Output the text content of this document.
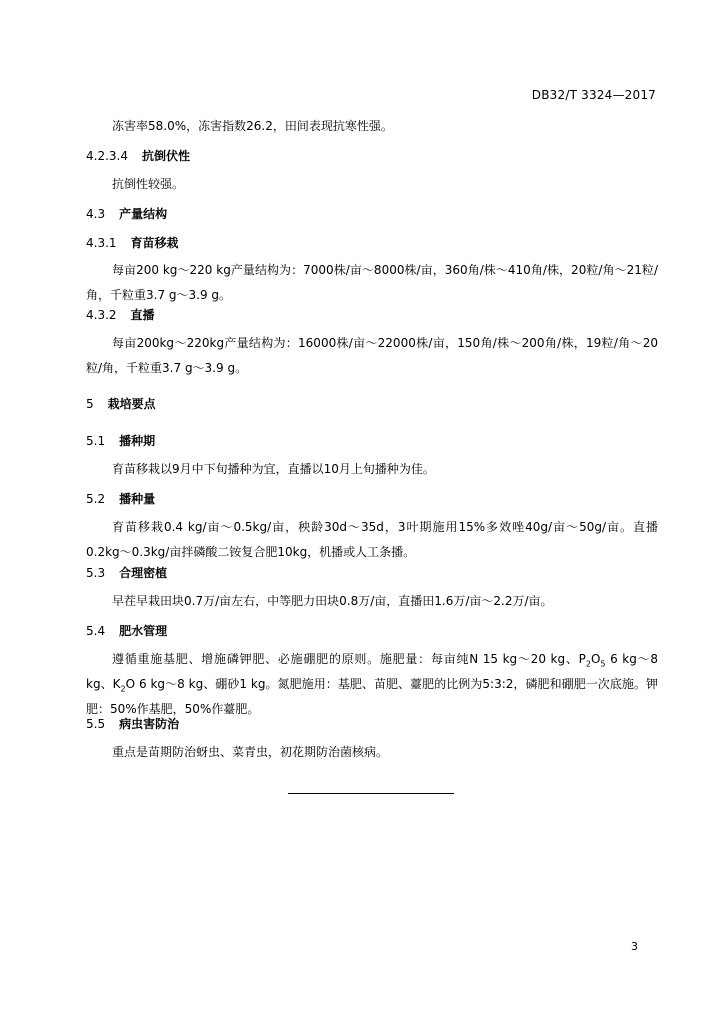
DB32/T 3324—2017
冻害率58.0%，冻害指数26.2，田间表现抗寒性强。
4.2.3.4 抗倒伏性
抗倒性较强。
4.3 产量结构
4.3.1 育苗移栽
每亩200 kg～220 kg产量结构为：7000株/亩～8000株/亩，360角/株～410角/株，20粒/角～21粒/角，千粒重3.7 g～3.9 g。
4.3.2 直播
每亩200kg～220kg产量结构为：16000株/亩～22000株/亩，150角/株～200角/株，19粒/角～20粒/角，千粒重3.7 g～3.9 g。
5 栽培要点
5.1 播种期
育苗移栽以9月中下旬播种为宜，直播以10月上旬播种为佳。
5.2 播种量
育苗移栽0.4 kg/亩～0.5kg/亩，秧龄30d～35d，3叶期施用15%多效唑40g/亩～50g/亩。直播0.2kg～0.3kg/亩拌磷酸二铵复合肥10kg，机播或人工条播。
5.3 合理密植
早茬早栽田块0.7万/亩左右，中等肥力田块0.8万/亩，直播田1.6万/亩～2.2万/亩。
5.4 肥水管理
遵循重施基肥、增施磷钾肥、必施硼肥的原则。施肥量：每亩纯N 15 kg～20 kg、$P_2O_5$ 6 kg～8 kg、$K_2O$ 6 kg～8 kg、硼砂1 kg。氮肥施用：基肥、苗肥、薹肥的比例为5:3:2，磷肥和硼肥一次底施。钾肥：50%作基肥，50%作薹肥。
5.5 病虫害防治
重点是苗期防治蚜虫、菜青虫，初花期防治菌核病。
3
